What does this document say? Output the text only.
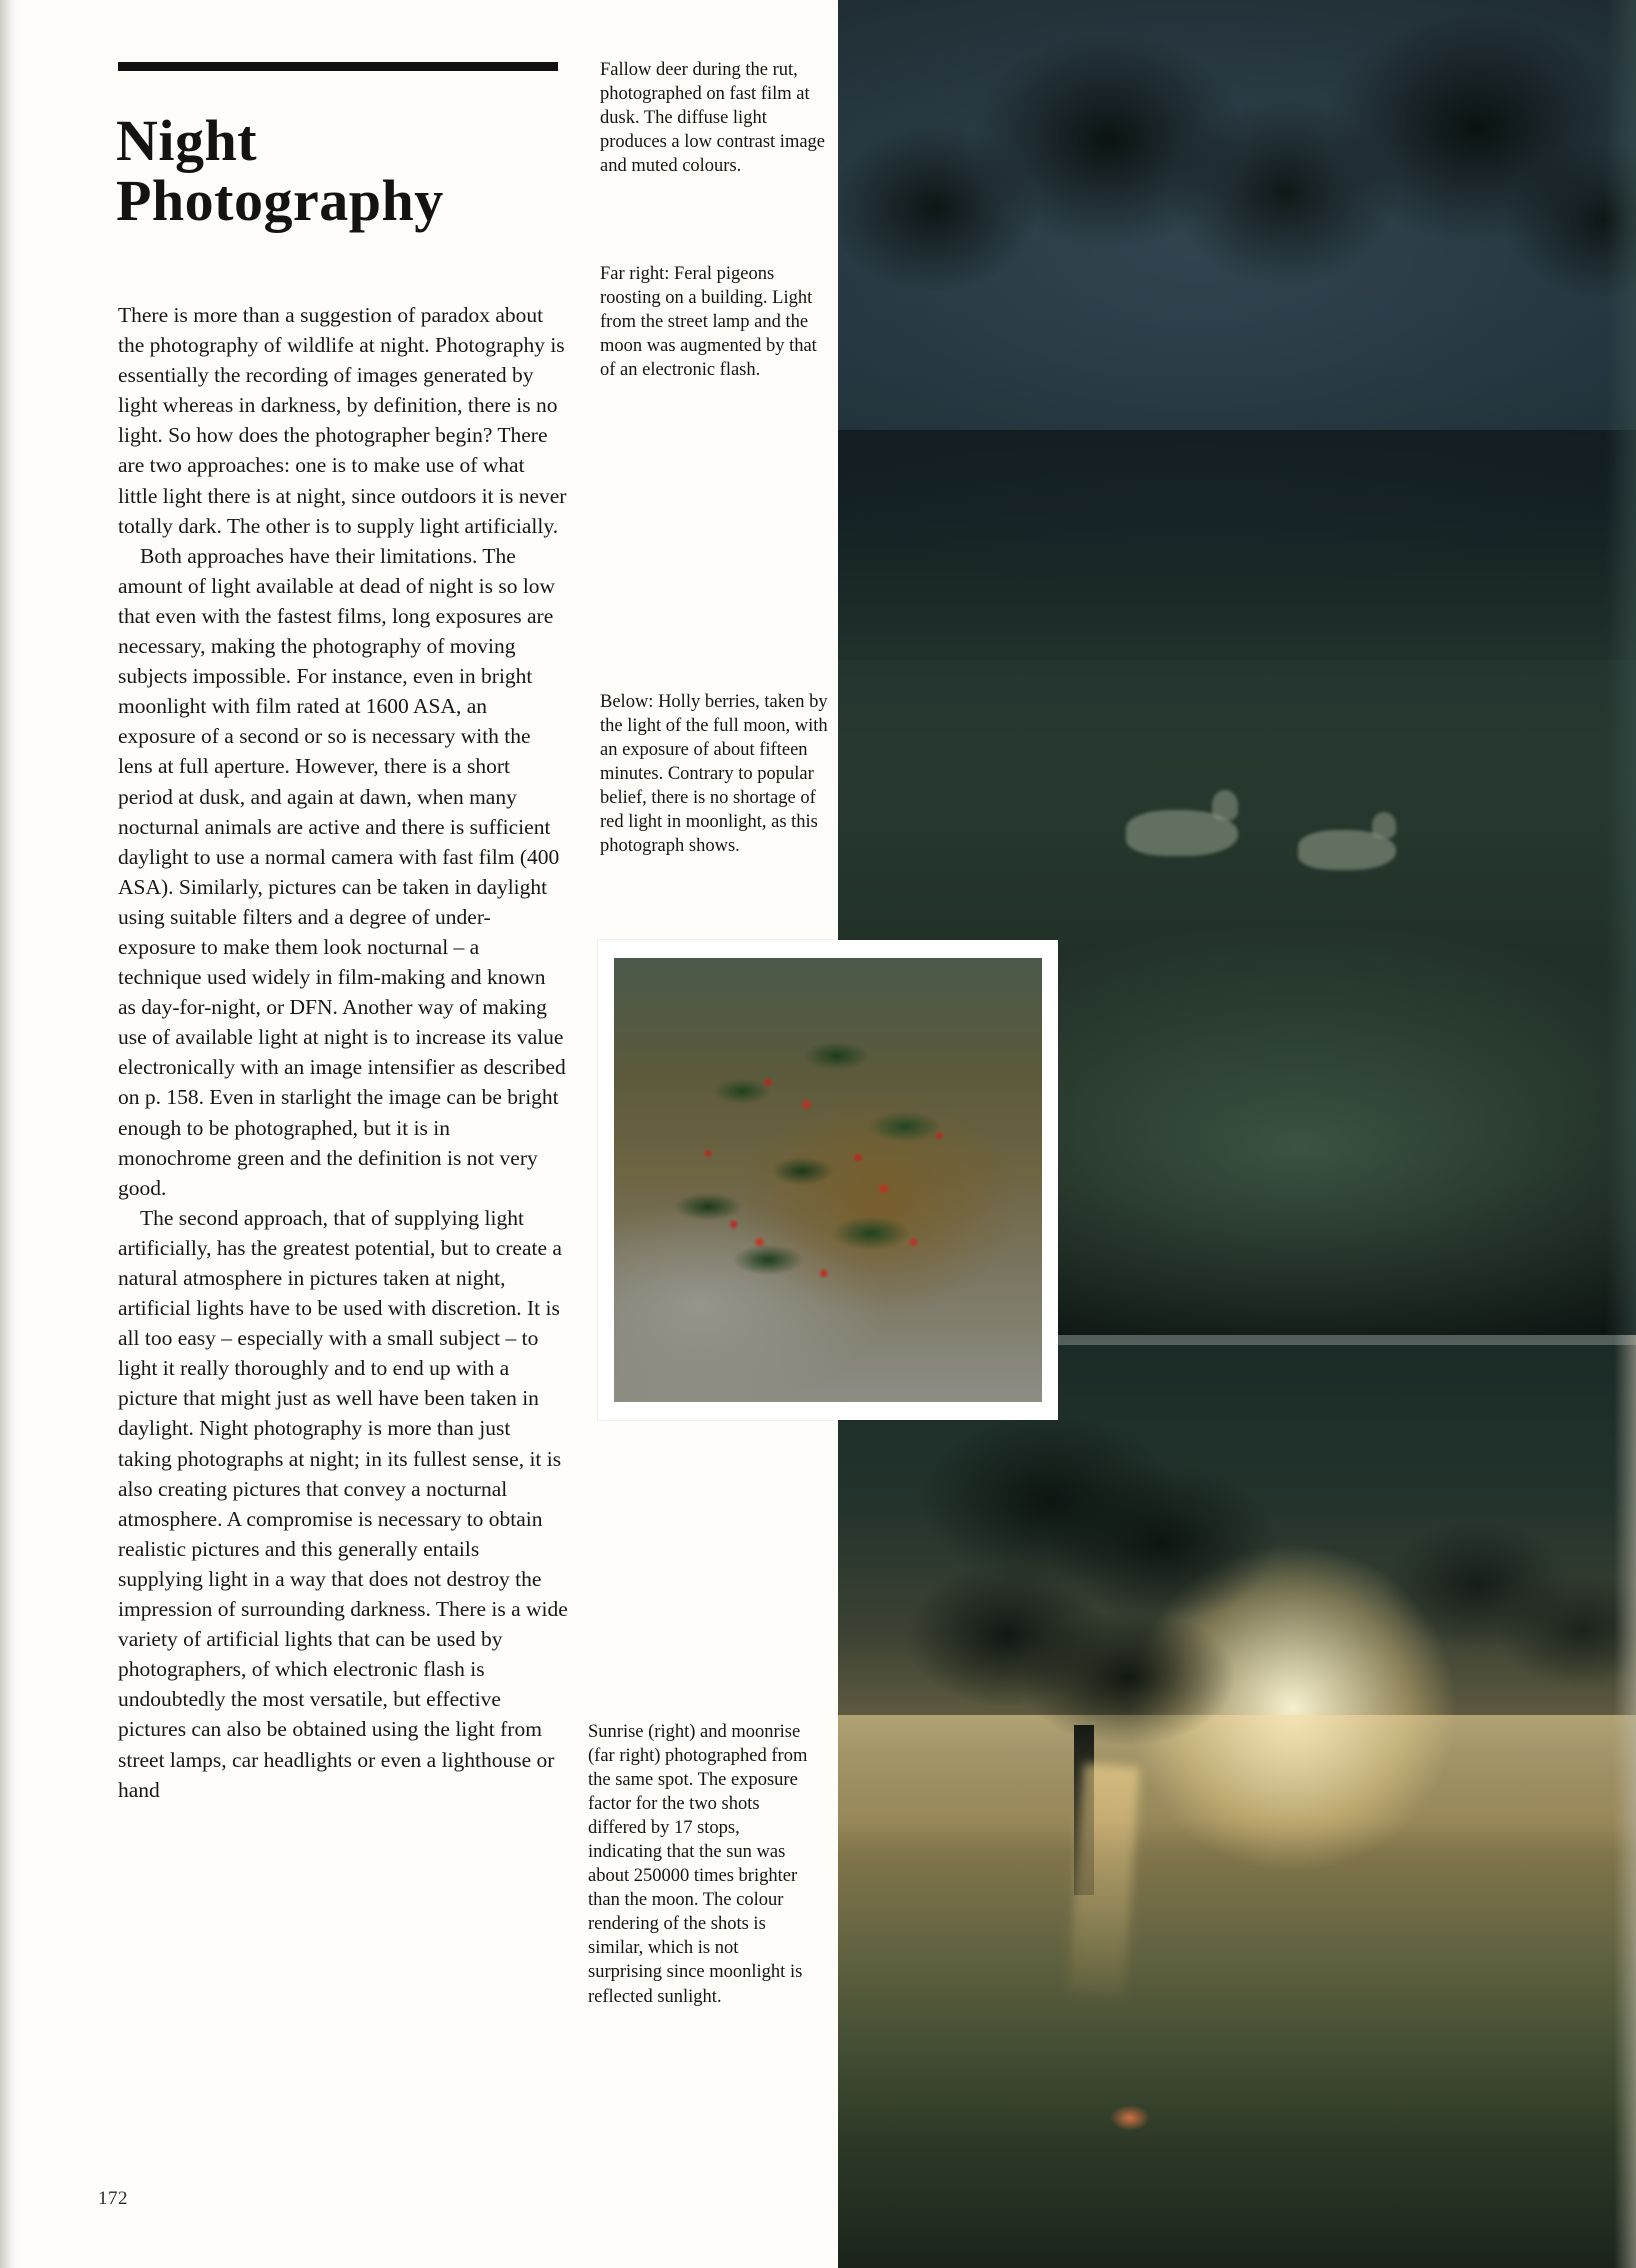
Night
Photography

There is more than a suggestion of paradox about the photography of wildlife at night. Photography is essentially the recording of images generated by light whereas in darkness, by definition, there is no light. So how does the photographer begin? There are two approaches: one is to make use of what little light there is at night, since outdoors it is never totally dark. The other is to supply light artificially.

Both approaches have their limitations. The amount of light available at dead of night is so low that even with the fastest films, long exposures are necessary, making the photography of moving subjects impossible. For instance, even in bright moonlight with film rated at 1600 ASA, an exposure of a second or so is necessary with the lens at full aperture. However, there is a short period at dusk, and again at dawn, when many nocturnal animals are active and there is sufficient daylight to use a normal camera with fast film (400 ASA). Similarly, pictures can be taken in daylight using suitable filters and a degree of under-exposure to make them look nocturnal – a technique used widely in film-making and known as day-for-night, or DFN. Another way of making use of available light at night is to increase its value electronically with an image intensifier as described on p. 158. Even in starlight the image can be bright enough to be photographed, but it is in monochrome green and the definition is not very good.

The second approach, that of supplying light artificially, has the greatest potential, but to create a natural atmosphere in pictures taken at night, artificial lights have to be used with discretion. It is all too easy – especially with a small subject – to light it really thoroughly and to end up with a picture that might just as well have been taken in daylight. Night photography is more than just taking photographs at night; in its fullest sense, it is also creating pictures that convey a nocturnal atmosphere. A compromise is necessary to obtain realistic pictures and this generally entails supplying light in a way that does not destroy the impression of surrounding darkness. There is a wide variety of artificial lights that can be used by photographers, of which electronic flash is undoubtedly the most versatile, but effective pictures can also be obtained using the light from street lamps, car headlights or even a lighthouse or hand

172
Fallow deer during the rut, photographed on fast film at dusk. The diffuse light produces a low contrast image and muted colours.
Far right: Feral pigeons roosting on a building. Light from the street lamp and the moon was augmented by that of an electronic flash.
Below: Holly berries, taken by the light of the full moon, with an exposure of about fifteen minutes. Contrary to popular belief, there is no shortage of red light in moonlight, as this photograph shows.
Sunrise (right) and moonrise (far right) photographed from the same spot. The exposure factor for the two shots differed by 17 stops, indicating that the sun was about 250000 times brighter than the moon. The colour rendering of the shots is similar, which is not surprising since moonlight is reflected sunlight.
